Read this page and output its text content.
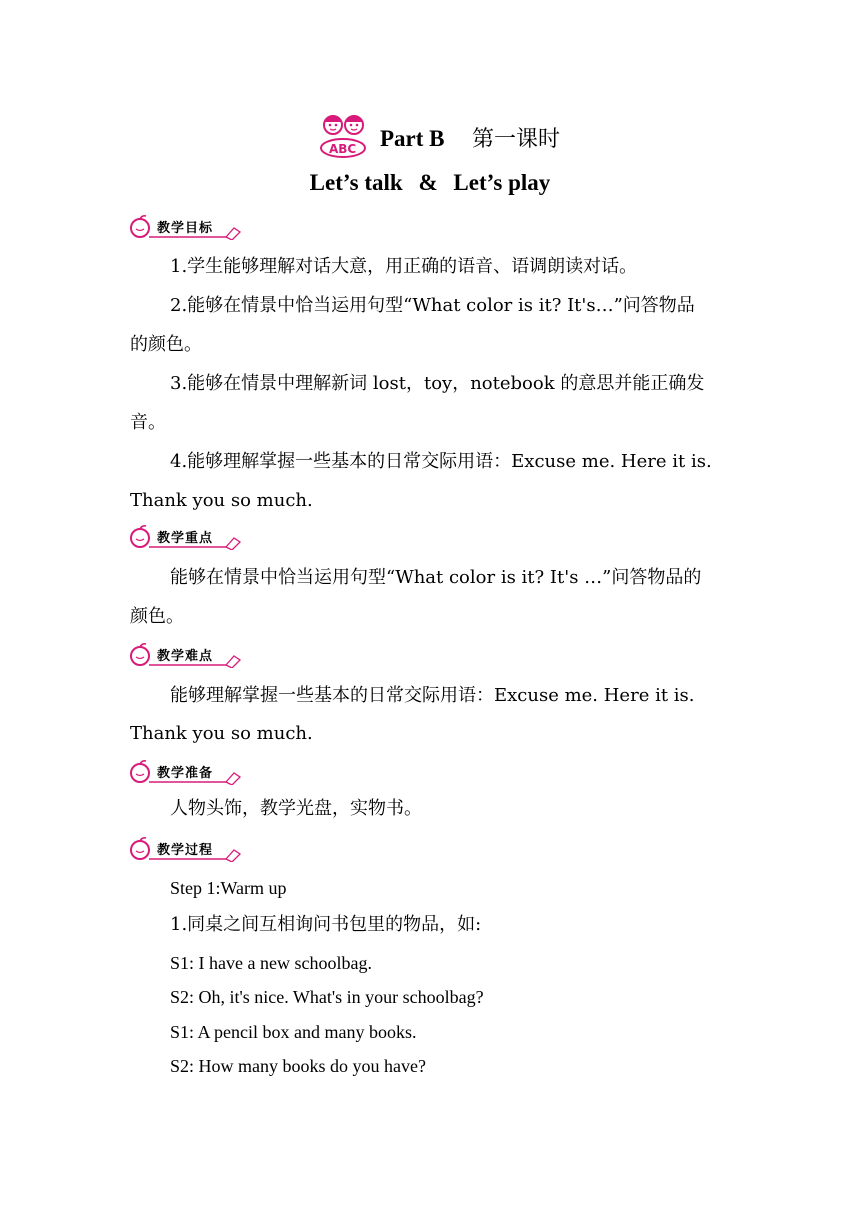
ABC Part B 第一课时
Let’s talk & Let’s play
教学目标
1.学生能够理解对话大意，用正确的语音、语调朗读对话。
2.能够在情景中恰当运用句型“What color is it? It's…”问答物品
的颜色。
3.能够在情景中理解新词 lost，toy，notebook 的意思并能正确发
音。
4.能够理解掌握一些基本的日常交际用语：Excuse me. Here it is.
Thank you so much.
教学重点
能够在情景中恰当运用句型“What color is it? It's …”问答物品的
颜色。
教学难点
能够理解掌握一些基本的日常交际用语：Excuse me. Here it is.
Thank you so much.
教学准备
人物头饰，教学光盘，实物书。
教学过程
Step 1:Warm up
1.同桌之间互相询问书包里的物品，如:
S1: I have a new schoolbag.
S2: Oh, it's nice. What's in your schoolbag?
S1: A pencil box and many books.
S2: How many books do you have?
